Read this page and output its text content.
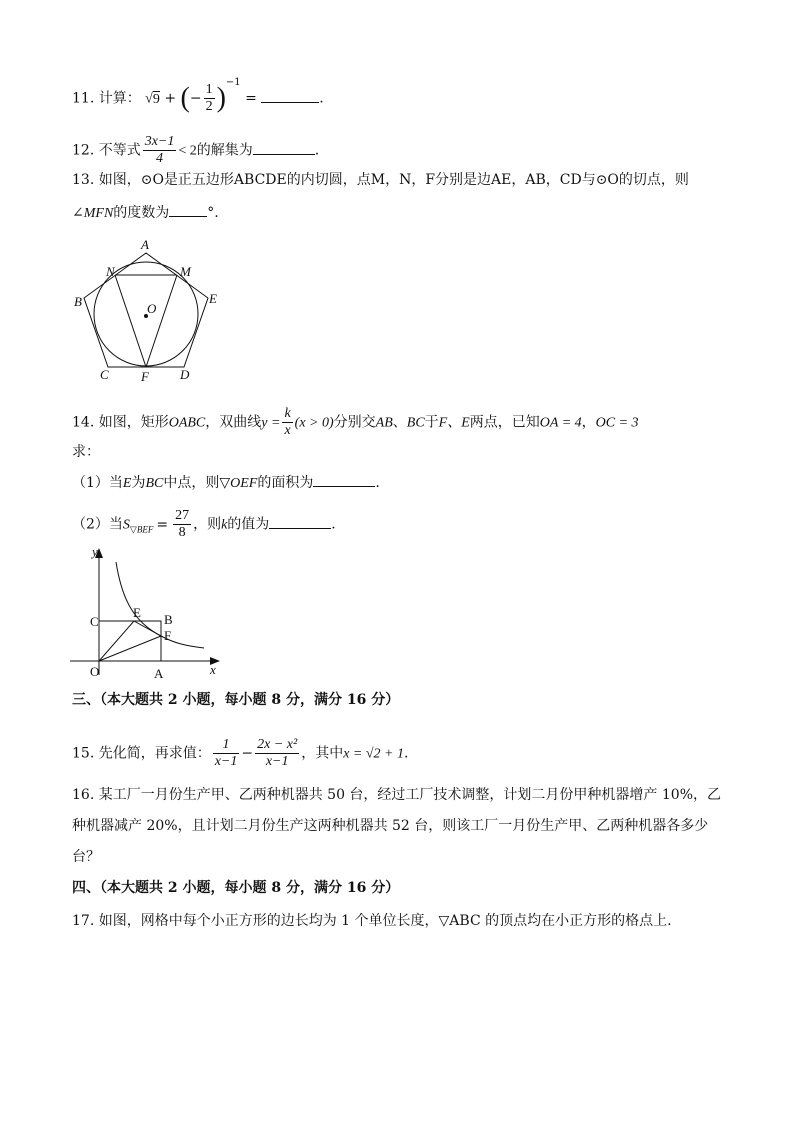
11. 计算： √9 + (− $\frac{1}{2} )^{-1}$ =	.
12. 不等式 $\frac{3x-1}{4} < 2$的解集为	.
13. 如图，⊙O是正五边形ABCDE的内切圆，点M，N，F分别是边AE，AB，CD与⊙O的切点，则
∠MFN的度数为	°.
A
N	M
B	E
O
C F D
14. 如图，矩形OABC，双曲线$y = \frac{k}{x} (x > 0)$分别交AB、BC于F、E两点，已知OA = 4，OC = 3
求：
（1）当E为BC中点，则▽OEF的面积为	.
（2）当$S_{▽BEF} = \frac{27}{8}$ ，则k的值为	.
y
x
C
E B
F
O	A
三、（本大题共 2 小题，每小题 8 分，满分 16 分）
15. 先化简，再求值： $\frac{1}{x-1} - \frac{\text{2x − x²}}{x-1}$ ，其中x = √2 + 1.
16. 某工厂一月份生产甲、乙两种机器共 50 台，经过工厂技术调整，计划二月份甲种机器增产 10%，乙
种机器减产 20%，且计划二月份生产这两种机器共 52 台，则该工厂一月份生产甲、乙两种机器各多少
台？
四、（本大题共 2 小题，每小题 8 分，满分 16 分）
17. 如图，网格中每个小正方形的边长均为 1 个单位长度，▽ABC 的顶点均在小正方形的格点上.
